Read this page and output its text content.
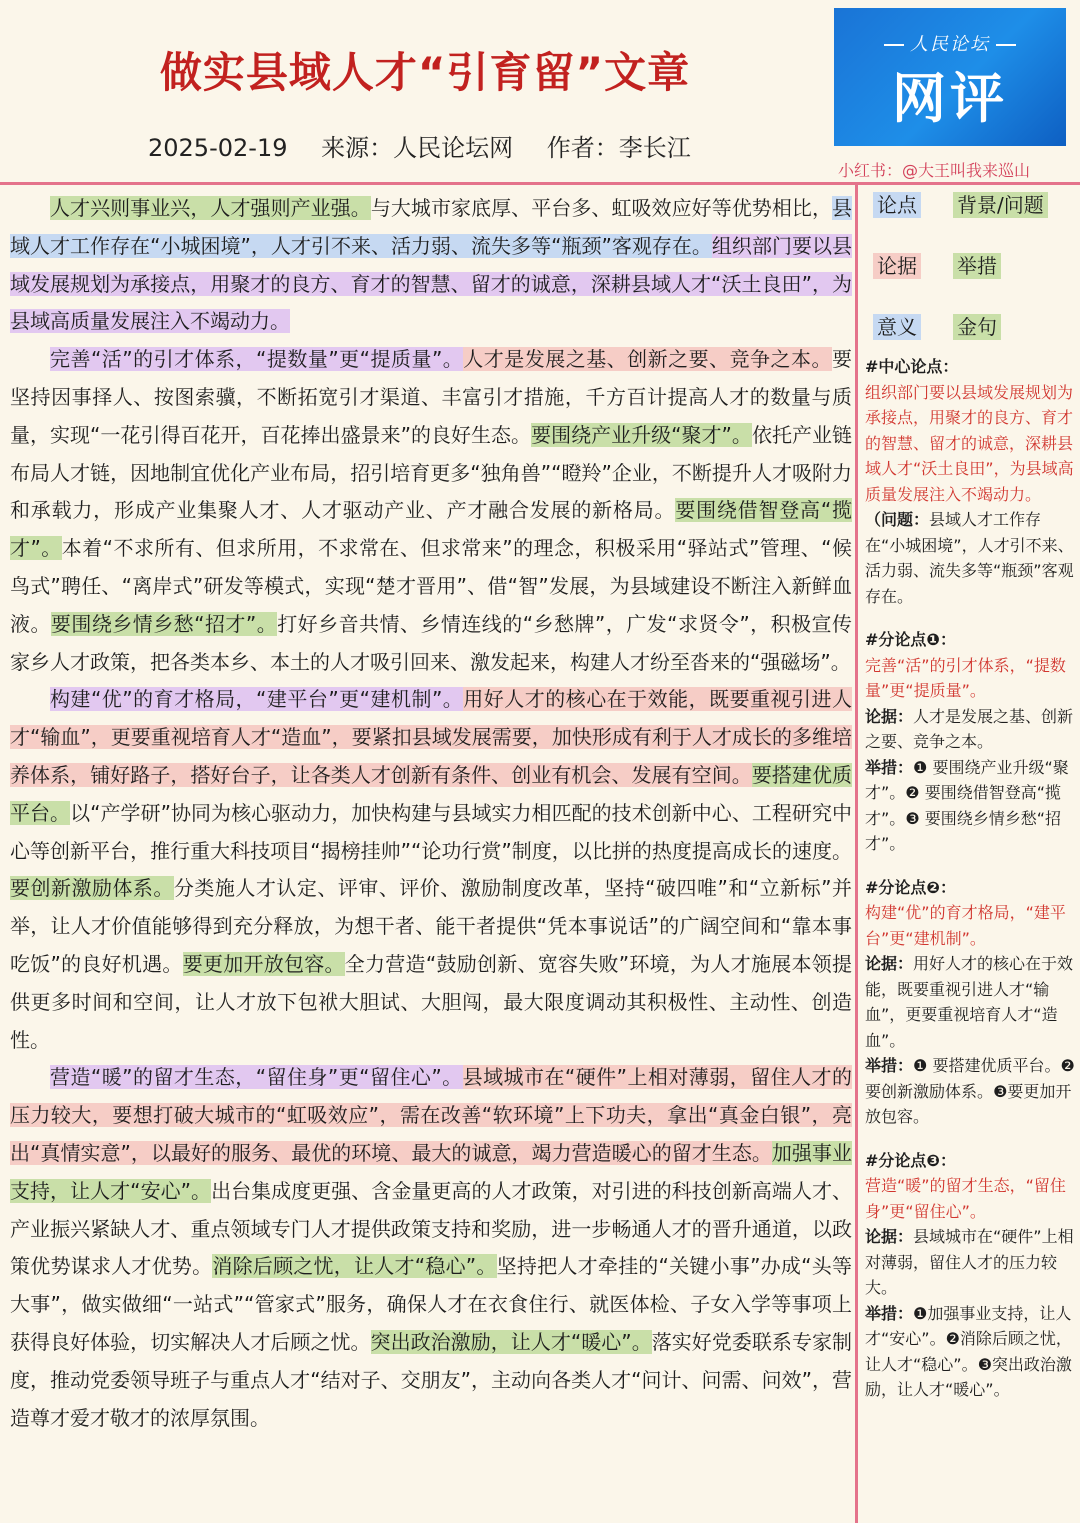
做实县域人才“引育留”文章
2025-02-19 来源：人民论坛网 作者：李长江
人民论坛
网评
小红书：@大王叫我来巡山

人才兴则事业兴，人才强则产业强。与大城市家底厚、平台多、虹吸效应好等优势相比，县域人才工作存在“小城困境”，人才引不来、活力弱、流失多等“瓶颈”客观存在。组织部门要以县域发展规划为承接点，用聚才的良方、育才的智慧、留才的诚意，深耕县域人才“沃土良田”，为县域高质量发展注入不竭动力。

完善“活”的引才体系，“提数量”更“提质量”。人才是发展之基、创新之要、竞争之本。要坚持因事择人、按图索骥，不断拓宽引才渠道、丰富引才措施，千方百计提高人才的数量与质量，实现“一花引得百花开，百花捧出盛景来”的良好生态。要围绕产业升级“聚才”。依托产业链布局人才链，因地制宜优化产业布局，招引培育更多“独角兽”“瞪羚”企业，不断提升人才吸附力和承载力，形成产业集聚人才、人才驱动产业、产才融合发展的新格局。要围绕借智登高“揽才”。本着“不求所有、但求所用，不求常在、但求常来”的理念，积极采用“驿站式”管理、“候鸟式”聘任、“离岸式”研发等模式，实现“楚才晋用”、借“智”发展，为县域建设不断注入新鲜血液。要围绕乡情乡愁“招才”。打好乡音共情、乡情连线的“乡愁牌”，广发“求贤令”，积极宣传家乡人才政策，把各类本乡、本土的人才吸引回来、激发起来，构建人才纷至沓来的“强磁场”。

构建“优”的育才格局，“建平台”更“建机制”。用好人才的核心在于效能，既要重视引进人才“输血”，更要重视培育人才“造血”，要紧扣县域发展需要，加快形成有利于人才成长的多维培养体系，铺好路子，搭好台子，让各类人才创新有条件、创业有机会、发展有空间。要搭建优质平台。以“产学研”协同为核心驱动力，加快构建与县域实力相匹配的技术创新中心、工程研究中心等创新平台，推行重大科技项目“揭榜挂帅”“论功行赏”制度，以比拼的热度提高成长的速度。要创新激励体系。分类施人才认定、评审、评价、激励制度改革，坚持“破四唯”和“立新标”并举，让人才价值能够得到充分释放，为想干者、能干者提供“凭本事说话”的广阔空间和“靠本事吃饭”的良好机遇。要更加开放包容。全力营造“鼓励创新、宽容失败”环境，为人才施展本领提供更多时间和空间，让人才放下包袱大胆试、大胆闯，最大限度调动其积极性、主动性、创造性。

营造“暖”的留才生态，“留住身”更“留住心”。县域城市在“硬件”上相对薄弱，留住人才的压力较大，要想打破大城市的“虹吸效应”，需在改善“软环境”上下功夫，拿出“真金白银”，亮出“真情实意”，以最好的服务、最优的环境、最大的诚意，竭力营造暖心的留才生态。加强事业支持，让人才“安心”。出台集成度更强、含金量更高的人才政策，对引进的科技创新高端人才、产业振兴紧缺人才、重点领域专门人才提供政策支持和奖励，进一步畅通人才的晋升通道，以政策优势谋求人才优势。消除后顾之忧，让人才“稳心”。坚持把人才牵挂的“关键小事”办成“头等大事”，做实做细“一站式”“管家式”服务，确保人才在衣食住行、就医体检、子女入学等事项上获得良好体验，切实解决人才后顾之忧。突出政治激励，让人才“暖心”。落实好党委联系专家制度，推动党委领导班子与重点人才“结对子、交朋友”，主动向各类人才“问计、问需、问效”，营造尊才爱才敬才的浓厚氛围。

论点 背景/问题
论据 举措
意义 金句
#中心论点：
组织部门要以县域发展规划为承接点，用聚才的良方、育才的智慧、留才的诚意，深耕县域人才“沃土良田”，为县域高质量发展注入不竭动力。
（问题：县域人才工作存在“小城困境”，人才引不来、活力弱、流失多等“瓶颈”客观存在。
#分论点❶：
完善“活”的引才体系，“提数量”更“提质量”。
论据：人才是发展之基、创新之要、竞争之本。
举措：❶ 要围绕产业升级“聚才”。❷ 要围绕借智登高“揽才”。❸ 要围绕乡情乡愁“招才”。
#分论点❷：
构建“优”的育才格局，“建平台”更“建机制”。
论据：用好人才的核心在于效能，既要重视引进人才“输血”，更要重视培育人才“造血”。
举措：❶ 要搭建优质平台。❷ 要创新激励体系。❸要更加开放包容。
#分论点❸：
营造“暖”的留才生态，“留住身”更“留住心”。
论据：县域城市在“硬件”上相对薄弱，留住人才的压力较大。
举措：❶加强事业支持，让人才“安心”。❷消除后顾之忧，让人才“稳心”。❸突出政治激励，让人才“暖心”。
